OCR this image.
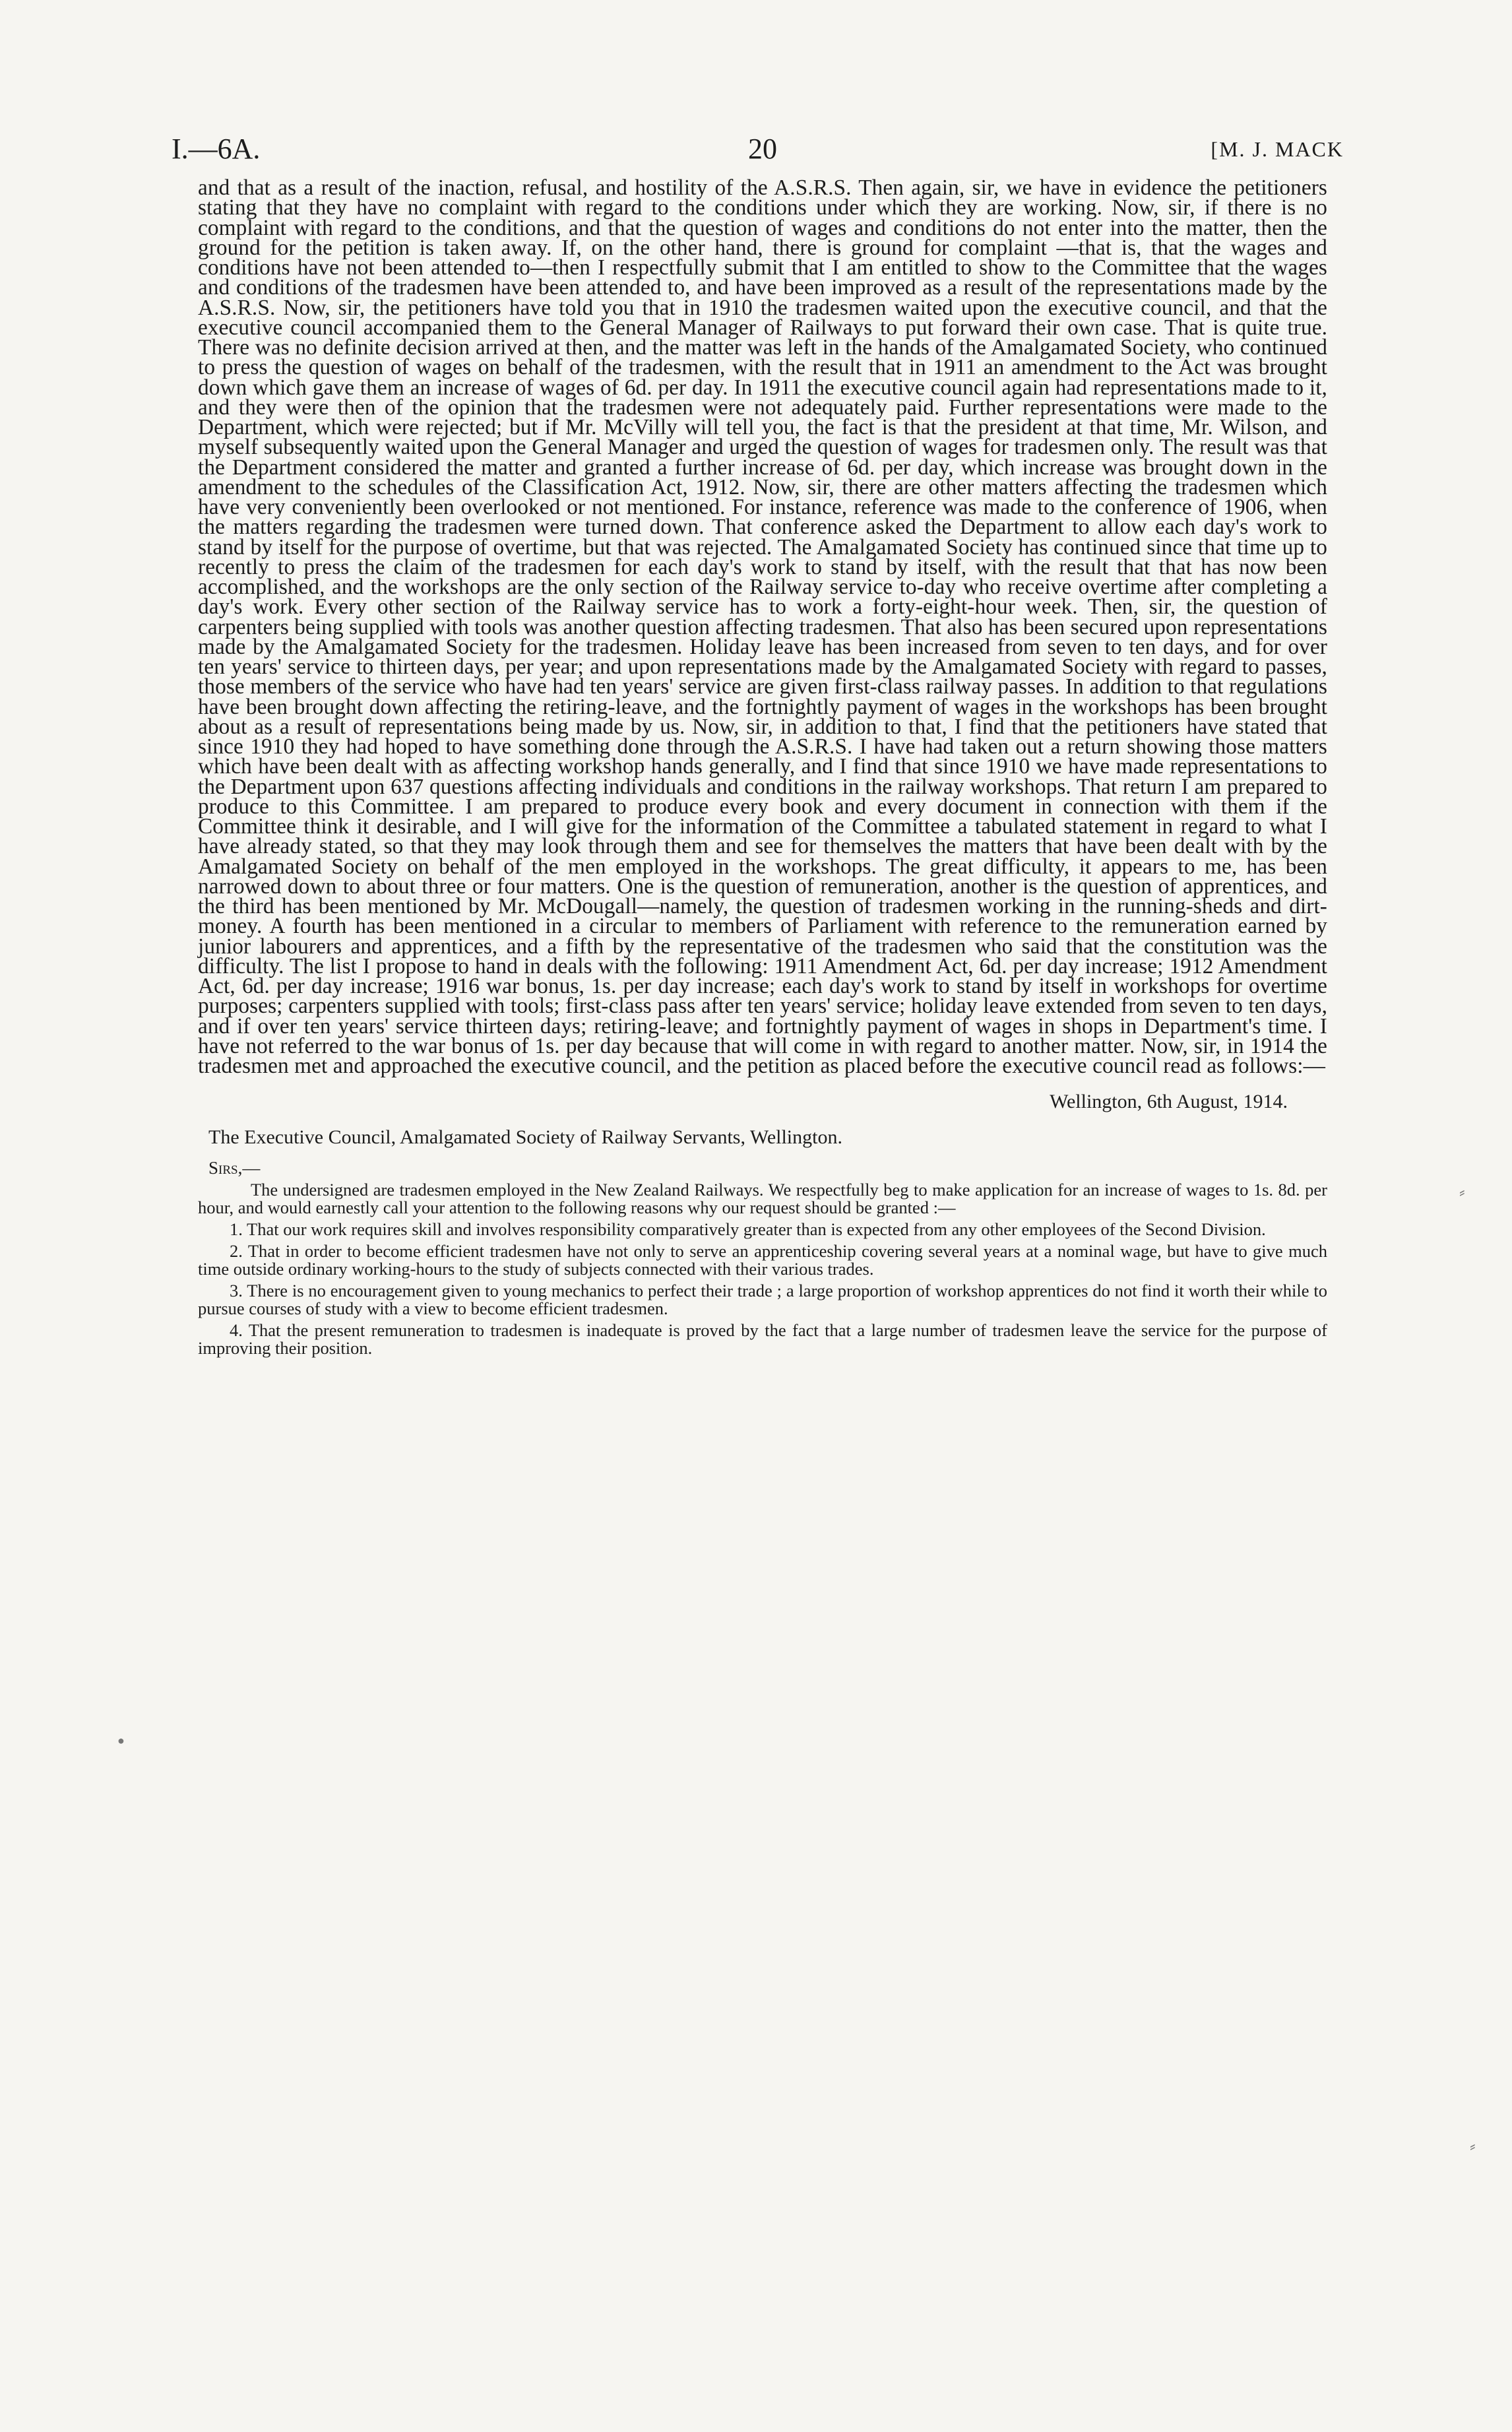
I.—6A.	20	[M. J. MACK

and that as a result of the inaction, refusal, and hostility of the A.S.R.S. Then again, sir, we have in evidence the petitioners stating that they have no complaint with regard to the conditions under which they are working. Now, sir, if there is no complaint with regard to the conditions, and that the question of wages and conditions do not enter into the matter, then the ground for the petition is taken away. If, on the other hand, there is ground for complaint —that is, that the wages and conditions have not been attended to—then I respectfully submit that I am entitled to show to the Committee that the wages and conditions of the tradesmen have been attended to, and have been improved as a result of the representations made by the A.S.R.S. Now, sir, the petitioners have told you that in 1910 the tradesmen waited upon the executive council, and that the executive council accompanied them to the General Manager of Railways to put forward their own case. That is quite true. There was no definite decision arrived at then, and the matter was left in the hands of the Amalgamated Society, who continued to press the question of wages on behalf of the tradesmen, with the result that in 1911 an amendment to the Act was brought down which gave them an increase of wages of 6d. per day. In 1911 the executive council again had representations made to it, and they were then of the opinion that the tradesmen were not adequately paid. Further representations were made to the Department, which were rejected; but if Mr. McVilly will tell you, the fact is that the president at that time, Mr. Wilson, and myself subsequently waited upon the General Manager and urged the question of wages for tradesmen only. The result was that the Department considered the matter and granted a further increase of 6d. per day, which increase was brought down in the amendment to the schedules of the Classification Act, 1912. Now, sir, there are other matters affecting the tradesmen which have very conveniently been overlooked or not mentioned. For instance, reference was made to the conference of 1906, when the matters regarding the tradesmen were turned down. That conference asked the Department to allow each day's work to stand by itself for the purpose of overtime, but that was rejected. The Amalgamated Society has continued since that time up to recently to press the claim of the tradesmen for each day's work to stand by itself, with the result that that has now been accomplished, and the workshops are the only section of the Railway service to-day who receive overtime after completing a day's work. Every other section of the Railway service has to work a forty-eight-hour week. Then, sir, the question of carpenters being supplied with tools was another question affecting tradesmen. That also has been secured upon representations made by the Amalgamated Society for the tradesmen. Holiday leave has been increased from seven to ten days, and for over ten years' service to thirteen days, per year; and upon representations made by the Amalgamated Society with regard to passes, those members of the service who have had ten years' service are given first-class railway passes. In addition to that regulations have been brought down affecting the retiring-leave, and the fortnightly payment of wages in the workshops has been brought about as a result of representations being made by us. Now, sir, in addition to that, I find that the petitioners have stated that since 1910 they had hoped to have something done through the A.S.R.S. I have had taken out a return showing those matters which have been dealt with as affecting workshop hands generally, and I find that since 1910 we have made representations to the Department upon 637 questions affecting individuals and conditions in the railway workshops. That return I am prepared to produce to this Committee. I am prepared to produce every book and every document in connection with them if the Committee think it desirable, and I will give for the information of the Committee a tabulated statement in regard to what I have already stated, so that they may look through them and see for themselves the matters that have been dealt with by the Amalgamated Society on behalf of the men employed in the workshops. The great difficulty, it appears to me, has been narrowed down to about three or four matters. One is the question of remuneration, another is the question of apprentices, and the third has been mentioned by Mr. McDougall—namely, the question of tradesmen working in the running-sheds and dirt-money. A fourth has been mentioned in a circular to members of Parliament with reference to the remuneration earned by junior labourers and apprentices, and a fifth by the representative of the tradesmen who said that the constitution was the difficulty. The list I propose to hand in deals with the following: 1911 Amendment Act, 6d. per day increase; 1912 Amendment Act, 6d. per day increase; 1916 war bonus, 1s. per day increase; each day's work to stand by itself in workshops for overtime purposes; carpenters supplied with tools; first-class pass after ten years' service; holiday leave extended from seven to ten days, and if over ten years' service thirteen days; retiring-leave; and fortnightly payment of wages in shops in Department's time. I have not referred to the war bonus of 1s. per day because that will come in with regard to another matter. Now, sir, in 1914 the tradesmen met and approached the executive council, and the petition as placed before the executive council read as follows:—

Wellington, 6th August, 1914.
The Executive Council, Amalgamated Society of Railway Servants, Wellington.
Sirs,—

The undersigned are tradesmen employed in the New Zealand Railways. We respectfully beg to make application for an increase of wages to 1s. 8d. per hour, and would earnestly call your attention to the following reasons why our request should be granted :—

1. That our work requires skill and involves responsibility comparatively greater than is expected from any other employees of the Second Division.

2. That in order to become efficient tradesmen have not only to serve an apprenticeship covering several years at a nominal wage, but have to give much time outside ordinary working-hours to the study of subjects connected with their various trades.

3. There is no encouragement given to young mechanics to perfect their trade ; a large proportion of workshop apprentices do not find it worth their while to pursue courses of study with a view to become efficient tradesmen.

4. That the present remuneration to tradesmen is inadequate is proved by the fact that a large number of tradesmen leave the service for the purpose of improving their position.

⸗
●
⸗
